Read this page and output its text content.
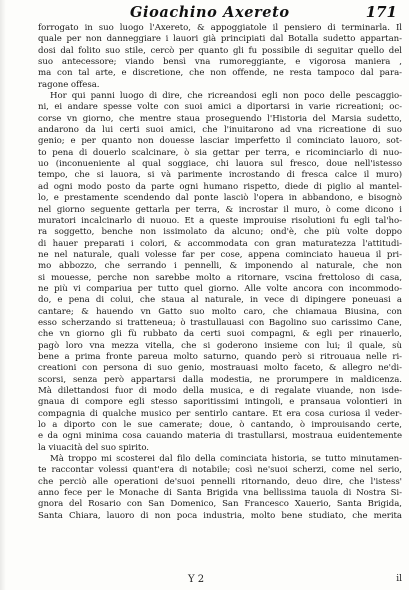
Gioachino Axereto	171
forrogato in suo luogo l'Axereto, & appoggiatole il pensiero di terminarla. Il
quale per non danneggiare i lauori già principiati dal Botalla sudetto appartan-
dosi dal folito suo stile, cercò per quanto gli fu possibile di seguitar quello del
suo antecessore; viando bensì vna rumoreggiante, e vigorosa maniera ,
ma con tal arte, e discretione, che non offende, ne resta tampoco dal para-
ragone offesa.
Hor qui panni luogo di dire, che ricreandosi egli non poco delle pescaggio-
ni, ei andare spesse volte con suoi amici a diportarsi in varie ricreationi; oc-
corse vn giorno, che mentre staua proseguendo l'Historia del Marsia sudetto,
andarono da lui certi suoi amici, che l'inuitarono ad vna ricreatione di suo
genio; e per quanto non douesse lasciar imperfetto il cominciato lauoro, sot-
to pena di douerlo scalcinare, ò sia gettar per terra, e ricominciarlo di nuo-
uo (inconueniente al qual soggiace, chi lauora sul fresco, doue nell'istesso
tempo, che si lauora, si và parimente incrostando di fresca calce il muro)
ad ogni modo posto da parte ogni humano rispetto, diede di piglio al mantel-
lo, e prestamente scendendo dal ponte lasciò l'opera in abbandono, e bisognò
nel giorno seguente gettarla per terra, & incrostar il muro, ò come dicono i
muratori incalcinarlo di nuouo. Et a queste improuise risolutioni fu egli tal'ho-
ra soggetto, benche non issimolato da alcuno; ond'è, che più volte doppo
di hauer preparati i colori, & accommodata con gran maturatezza l'attitudi-
ne nel naturale, quali volesse far per cose, appena cominciato haueua il pri-
mo abbozzo, che serrando i pennelli, & imponendo al naturale, che non
si mouesse, perche non sarebbe molto a ritornare, vscina frettoloso di casa,
ne più vi compariua per tutto quel giorno. Alle volte ancora con incommodo-
do, e pena di colui, che staua al naturale, in vece di dipingere poneuasi a
cantare; & hauendo vn Gatto suo molto caro, che chiamaua Biusina, con
esso scherzando si tratteneua; ò trastullauasi con Bagolino suo carissimo Cane,
che vn giorno gli fù rubbato da certi suoi compagni, & egli per rinauerlo,
pagò loro vna mezza vitella, che si goderono insieme con lui; il quale, sù
bene a prima fronte pareua molto saturno, quando però si ritrouaua nelle ri-
creationi con persona di suo genio, mostrauasi molto faceto, & allegro ne'di-
scorsi, senza però appartarsi dalla modestia, ne prorumpere in maldicenza.
Mà dilettandosi fuor di modo della musica, e di regalate viuande, non isde-
gnaua di compore egli stesso saporitissimi intingoli, e pransaua volontieri in
compagnia di qualche musico per sentirlo cantare. Et era cosa curiosa il veder-
lo a diporto con le sue camerate; doue, ò cantando, ò improuisando certe,
e da ogni minima cosa cauando materia di trastullarsi, mostraua euidentemente
la viuacità del suo spirito.
Mà troppo mi scosterei dal filo della cominciata historia, se tutto minutamen-
te raccontar volessi quant'era di notabile; così ne'suoi scherzi, come nel serio,
che perciò alle operationi de'suoi pennelli ritornando, deuo dire, che l'istess'
anno fece per le Monache di Santa Brigida vna bellissima tauola di Nostra Si-
gnora del Rosario con San Domenico, San Francesco Xauerio, Santa Brigida,
Santa Chiara, lauoro di non poca industria, molto bene studiato, che merita
Y 2	il
